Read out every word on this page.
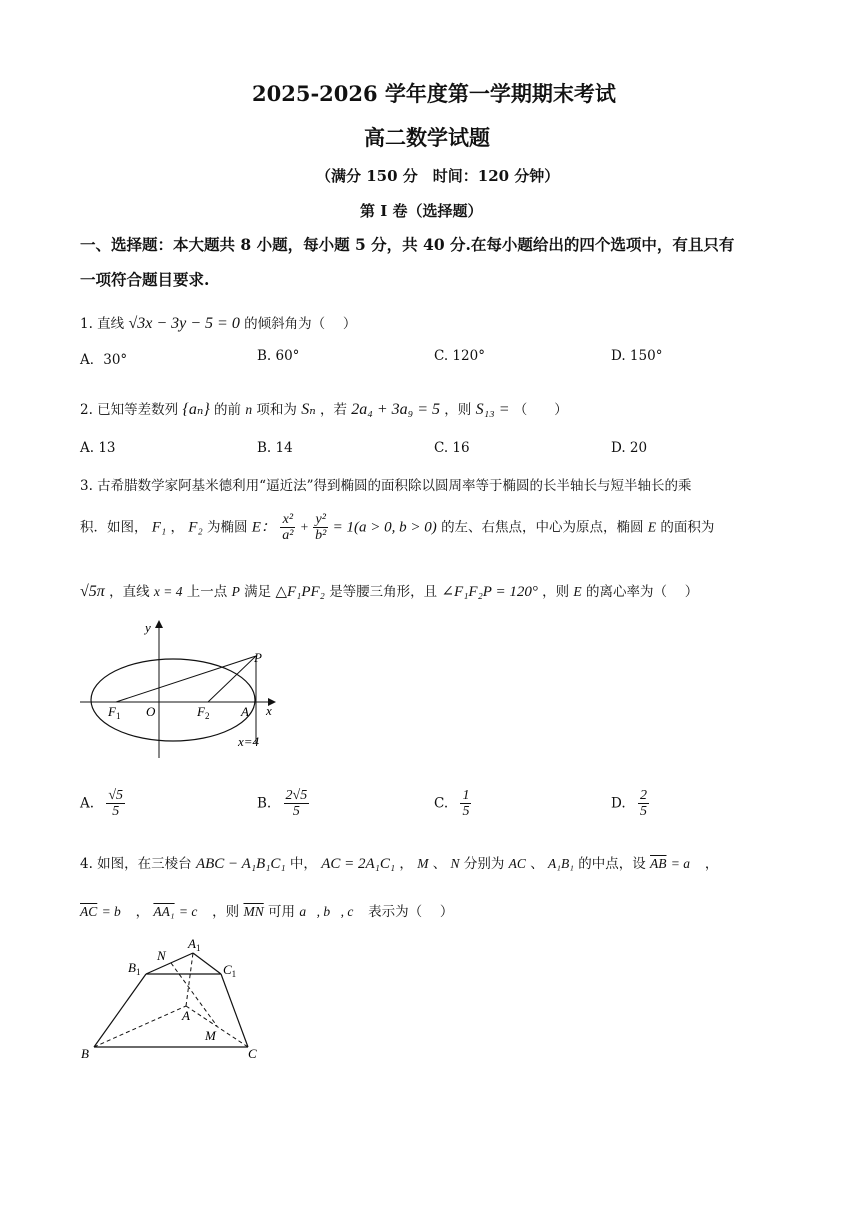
2025-2026 学年度第一学期期末考试
高二数学试题
（满分 150 分　时间：120 分钟）
第 I 卷（选择题）
一、选择题：本大题共 8 小题，每小题 5 分，共 40 分.在每小题给出的四个选项中，有且只有
一项符合题目要求.
1. 直线 √3x − 3y − 5 = 0 的倾斜角为（　 ）
A．30°	B. 60°	C. 120°	D. 150°
2. 已知等差数列 {aₙ} 的前 n 项和为 Sₙ ，若 2a₄ + 3a₉ = 5 ，则 S₁₃ = （　　）
A. 13	B. 14	C. 16	D. 20
3. 古希腊数学家阿基米德利用“逼近法”得到椭圆的面积除以圆周率等于椭圆的长半轴长与短半轴长的乘
积．如图， F₁ ， F₂ 为椭圆 E： $\frac{\text{x²}}{\text{a²}} + \frac{\text{y²}}{\text{b²}} = 1(a > 0$, b > 0) 的左、右焦点，中心为原点，椭圆 E 的面积为
√5π ，直线 x = 4 上一点 P 满足 △F₁PF₂ 是等腰三角形，且 ∠F₁F₂P = 120° ，则 E 的离心率为（　 ）
y
x
P
$F_1$ O	$F_2$ A
x=4
A. $\frac{√5}{5}$	B. $\frac{2√5}{5}$	C. $\frac{1}{5}$	D. $\frac{2}{5}$
4. 如图，在三棱台 ABC − A₁B₁C₁ 中， AC = 2A₁C₁ ， M 、 N 分别为 AC 、 A₁B₁ 的中点，设 $\overline{AB}$ = a⃗ ，
$\overline{AC}$ = b⃗ ， AA₁ = c⃗ ，则 $\overline{MN}$ 可用 a⃗, b⃗, c⃗ 表示为（　 ）
$A_1$
N
$B_1$	$C_1$
A
M
B	C
